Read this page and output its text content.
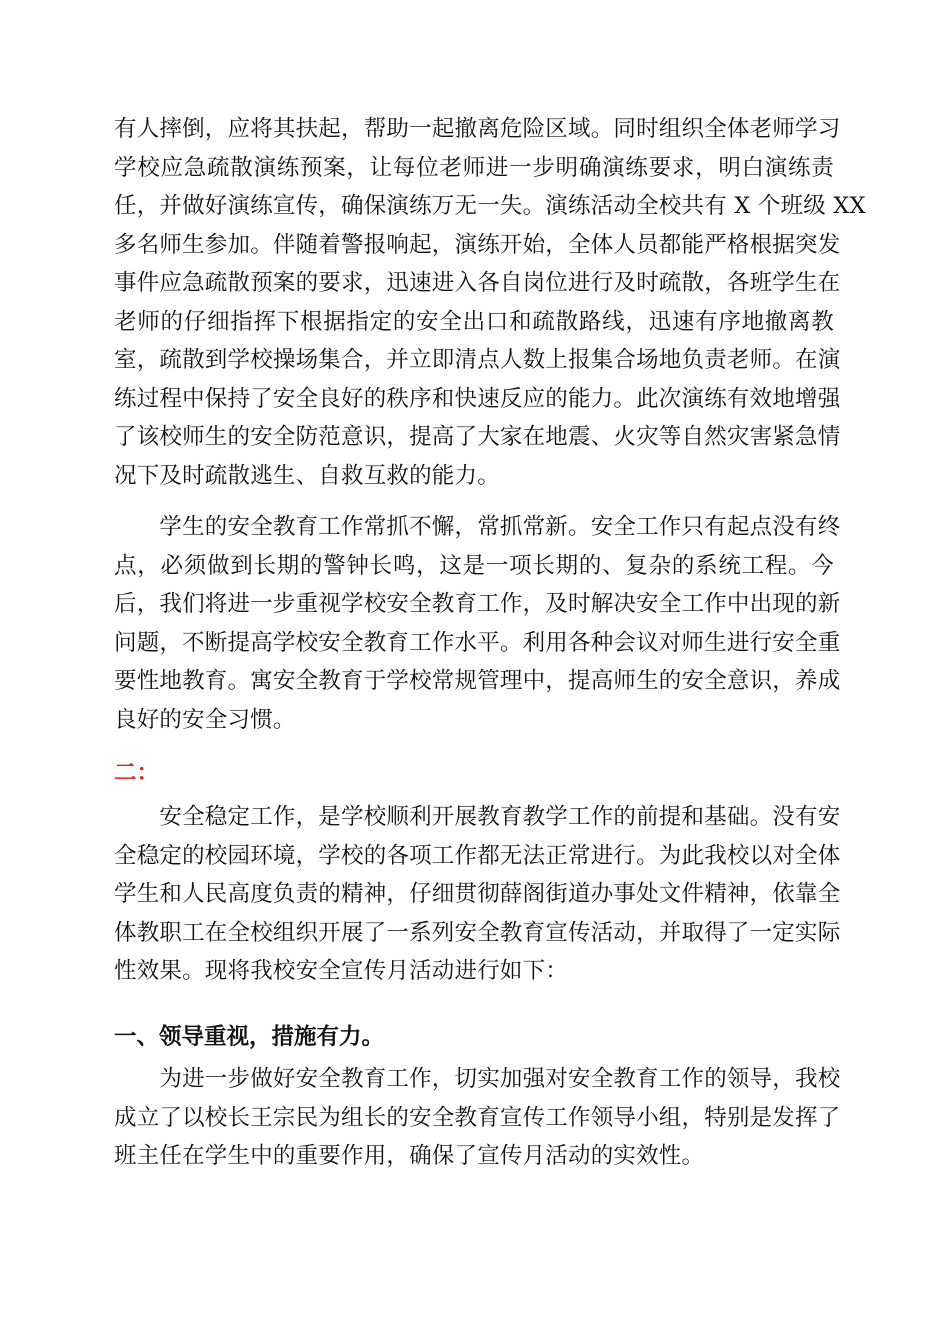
有人摔倒，应将其扶起，帮助一起撤离危险区域。同时组织全体老师学习
学校应急疏散演练预案，让每位老师进一步明确演练要求，明白演练责
任，并做好演练宣传，确保演练万无一失。演练活动全校共有 X 个班级 XX
多名师生参加。伴随着警报响起，演练开始，全体人员都能严格根据突发
事件应急疏散预案的要求，迅速进入各自岗位进行及时疏散，各班学生在
老师的仔细指挥下根据指定的安全出口和疏散路线，迅速有序地撤离教
室，疏散到学校操场集合，并立即清点人数上报集合场地负责老师。在演
练过程中保持了安全良好的秩序和快速反应的能力。此次演练有效地增强
了该校师生的安全防范意识，提高了大家在地震、火灾等自然灾害紧急情
况下及时疏散逃生、自救互救的能力。
　　学生的安全教育工作常抓不懈，常抓常新。安全工作只有起点没有终
点，必须做到长期的警钟长鸣，这是一项长期的、复杂的系统工程。今
后，我们将进一步重视学校安全教育工作，及时解决安全工作中出现的新
问题，不断提高学校安全教育工作水平。利用各种会议对师生进行安全重
要性地教育。寓安全教育于学校常规管理中，提高师生的安全意识，养成
良好的安全习惯。
二：
　　安全稳定工作，是学校顺利开展教育教学工作的前提和基础。没有安
全稳定的校园环境，学校的各项工作都无法正常进行。为此我校以对全体
学生和人民高度负责的精神，仔细贯彻薛阁街道办事处文件精神，依靠全
体教职工在全校组织开展了一系列安全教育宣传活动，并取得了一定实际
性效果。现将我校安全宣传月活动进行如下：
一、领导重视，措施有力。
　　为进一步做好安全教育工作，切实加强对安全教育工作的领导，我校
成立了以校长王宗民为组长的安全教育宣传工作领导小组，特别是发挥了
班主任在学生中的重要作用，确保了宣传月活动的实效性。
